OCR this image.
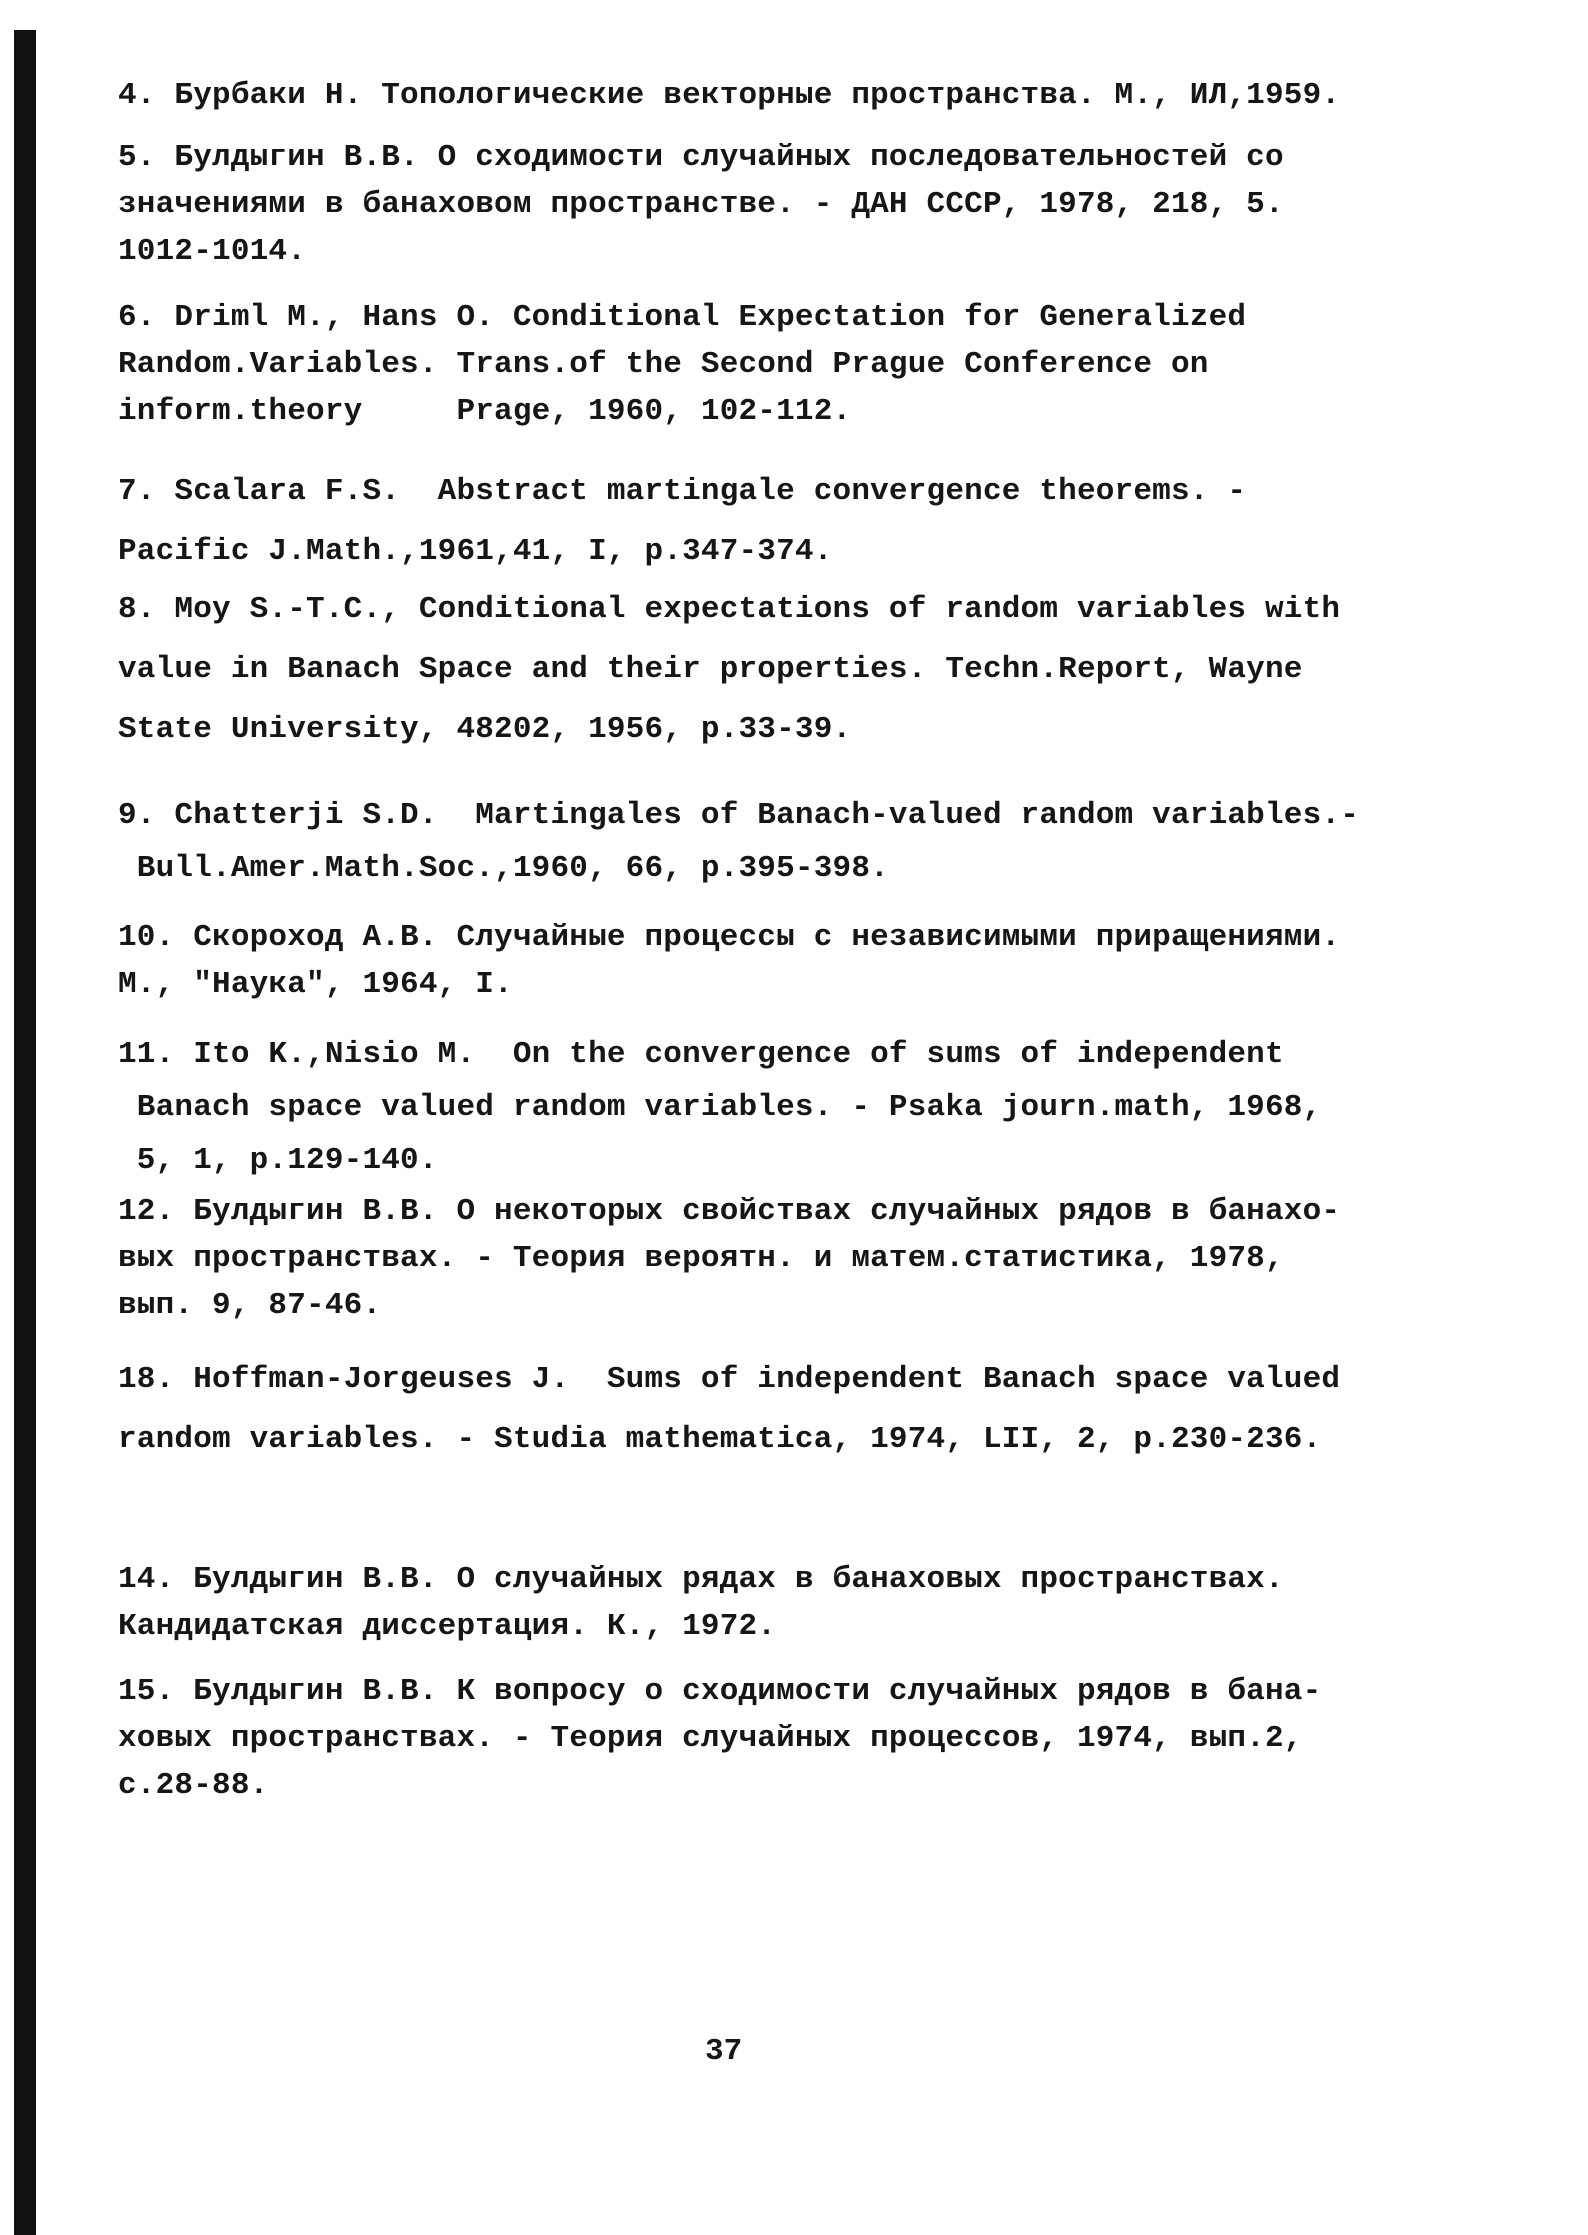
4. Бурбаки Н. Топологические векторные пространства. М., ИЛ,1959.

5. Булдыгин В.В. О сходимости случайных последовательностей со
значениями в банаховом пространстве. - ДАН СССР, 1978, 218, 5.
1012-1014.

6. Driml M., Hans O. Conditional Expectation for Generalized
Random.Variables. Trans.of the Second Prague Conference on
inform.theory     Prage, 1960, 102-112.

7. Scalara F.S.  Abstract martingale convergence theorems. -
Pacific J.Math.,1961,41, I, p.347-374.

8. Moy S.-T.C., Conditional expectations of random variables with
value in Banach Space and their properties. Techn.Report, Wayne
State University, 48202, 1956, p.33-39.

9. Chatterji S.D.  Martingales of Banach-valued random variables.-
Bull.Amer.Math.Soc.,1960, 66, p.395-398.

10. Скороход А.В. Случайные процессы с независимыми приращениями.
М., "Наука", 1964, I.

11. Ito K.,Nisio M.  On the convergence of sums of independent
Banach space valued random variables. - Psaka journ.math, 1968,
5, 1, p.129-140.

12. Булдыгин В.В. О некоторых свойствах случайных рядов в банахо-
вых пространствах. - Теория вероятн. и матем.статистика, 1978,
вып. 9, 87-46.

18. Hoffman-Jorgeuses J.  Sums of independent Banach space valued
random variables. - Studia mathematica, 1974, LII, 2, p.230-236.

14. Булдыгин В.В. О случайных рядах в банаховых пространствах.
Кандидатская диссертация. К., 1972.

15. Булдыгин В.В. К вопросу о сходимости случайных рядов в бана-
ховых пространствах. - Теория случайных процессов, 1974, вып.2,
с.28-88.

37
